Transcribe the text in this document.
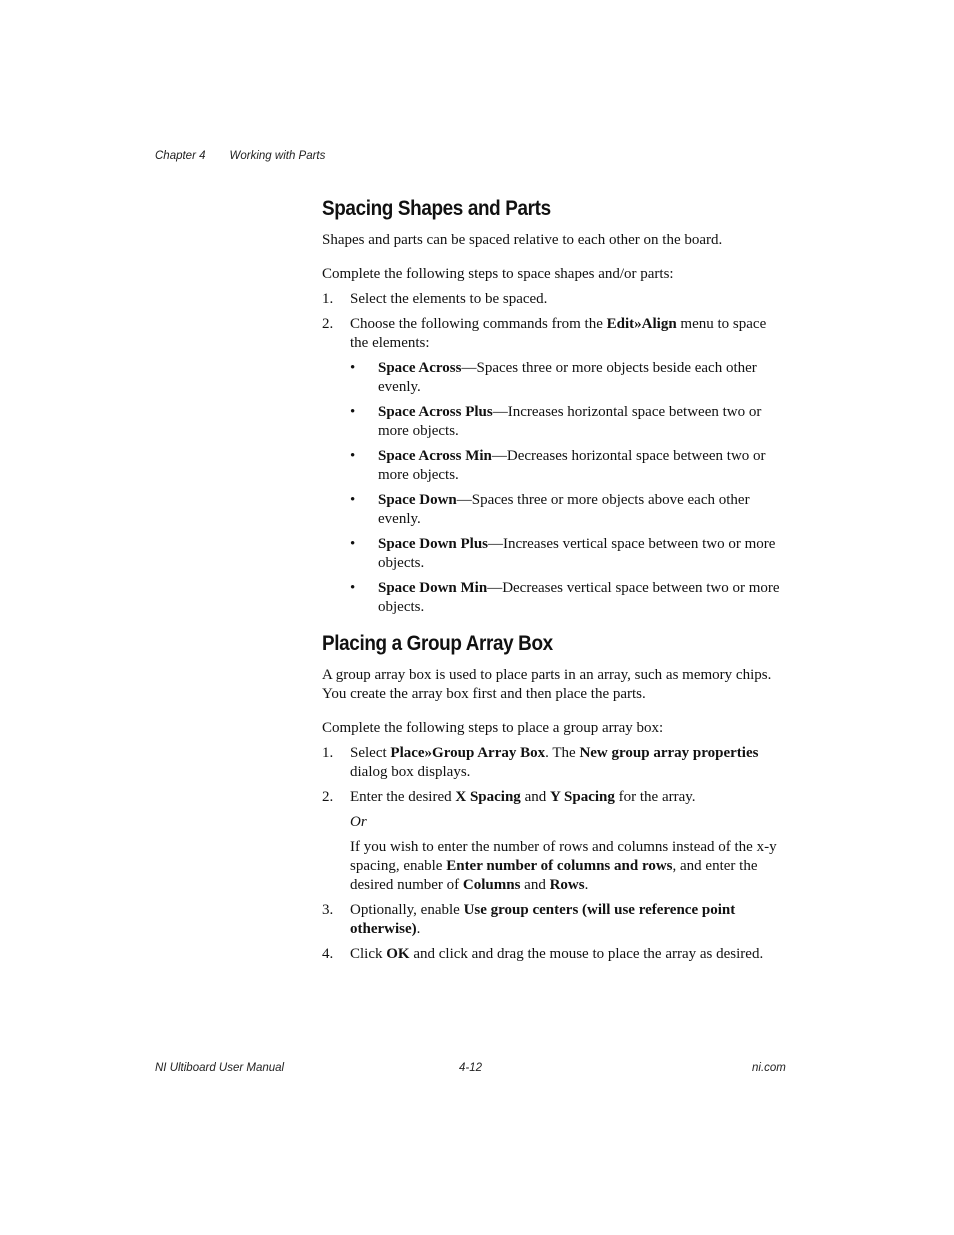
Chapter 4 Working with Parts
Spacing Shapes and Parts

Shapes and parts can be spaced relative to each other on the board.

Complete the following steps to space shapes and/or parts:

1. Select the elements to be spaced.
2. Choose the following commands from the Edit»Align menu to space the elements:
• Space Across—Spaces three or more objects beside each other evenly.
• Space Across Plus—Increases horizontal space between two or more objects.
• Space Across Min—Decreases horizontal space between two or more objects.
• Space Down—Spaces three or more objects above each other evenly.
• Space Down Plus—Increases vertical space between two or more objects.
• Space Down Min—Decreases vertical space between two or more objects.
Placing a Group Array Box

A group array box is used to place parts in an array, such as memory chips. You create the array box first and then place the parts.

Complete the following steps to place a group array box:

1. Select Place»Group Array Box. The New group array properties dialog box displays.
2. Enter the desired X Spacing and Y Spacing for the array.
Or
If you wish to enter the number of rows and columns instead of the x-y spacing, enable Enter number of columns and rows, and enter the desired number of Columns and Rows.
3. Optionally, enable Use group centers (will use reference point otherwise).
4. Click OK and click and drag the mouse to place the array as desired.
NI Ultiboard User Manual	4-12	ni.com
